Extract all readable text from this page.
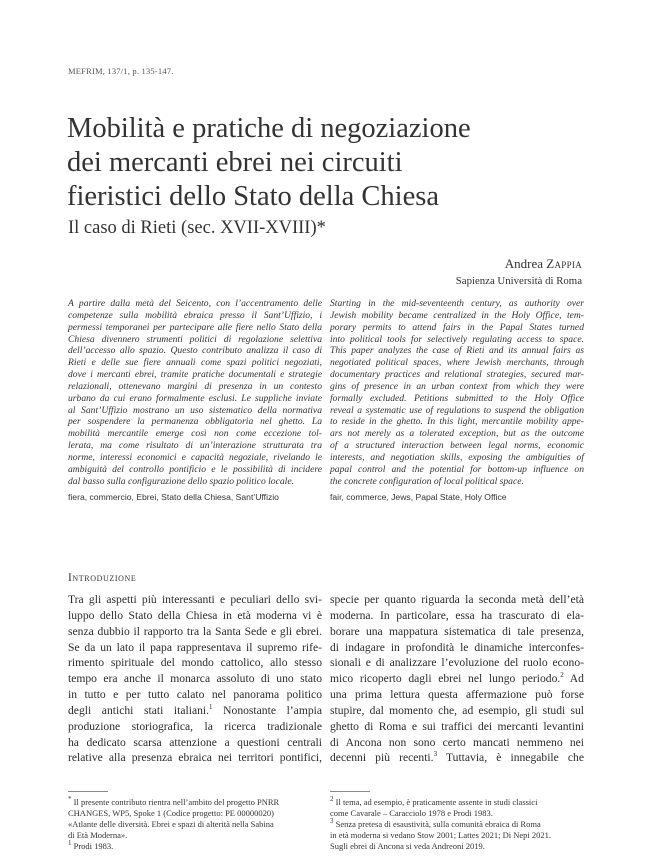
MEFRIM, 137/1, p. 135-147.
Mobilità e pratiche di negoziazione
dei mercanti ebrei nei circuiti
fieristici dello Stato della Chiesa
Il caso di Rieti (sec. XVII-XVIII)*
Andrea Zappia
Sapienza Università di Roma
A partire dalla metà del Seicento, con l’accentramento delle
competenze sulla mobilità ebraica presso il Sant’Uffizio, i
permessi temporanei per partecipare alle fiere nello Stato della
Chiesa divennero strumenti politici di regolazione selettiva
dell’accesso allo spazio. Questo contributo analizza il caso di
Rieti e delle sue fiere annuali come spazi politici negoziati,
dove i mercanti ebrei, tramite pratiche documentali e strategie
relazionali, ottenevano margini di presenza in un contesto
urbano da cui erano formalmente esclusi. Le suppliche inviate
al Sant’Uffizio mostrano un uso sistematico della normativa
per sospendere la permanenza obbligatoria nel ghetto. La
mobilità mercantile emerge così non come eccezione tol-
lerata, ma come risultato di un’interazione strutturata tra
norme, interessi economici e capacità negoziale, rivelando le
ambiguità del controllo pontificio e le possibilità di incidere
dal basso sulla configurazione dello spazio politico locale.
Starting in the mid-seventeenth century, as authority over
Jewish mobility became centralized in the Holy Office, tem-
porary permits to attend fairs in the Papal States turned
into political tools for selectively regulating access to space.
This paper analyzes the case of Rieti and its annual fairs as
negotiated political spaces, where Jewish merchants, through
documentary practices and relational strategies, secured mar-
gins of presence in an urban context from which they were
formally excluded. Petitions submitted to the Holy Office
reveal a systematic use of regulations to suspend the obligation
to reside in the ghetto. In this light, mercantile mobility appe-
ars not merely as a tolerated exception, but as the outcome
of a structured interaction between legal norms, economic
interests, and negotiation skills, exposing the ambiguities of
papal control and the potential for bottom-up influence on
the concrete configuration of local political space.
fiera, commercio, Ebrei, Stato della Chiesa, Sant’Uffizio	fair, commerce, Jews, Papal State, Holy Office
Introduzione
Tra gli aspetti più interessanti e peculiari dello svi-
luppo dello Stato della Chiesa in età moderna vi è
senza dubbio il rapporto tra la Santa Sede e gli ebrei.
Se da un lato il papa rappresentava il supremo rife-
rimento spirituale del mondo cattolico, allo stesso
tempo era anche il monarca assoluto di uno stato
in tutto e per tutto calato nel panorama politico
degli antichi stati italiani.$^1$ Nonostante l’ampia
produzione storiografica, la ricerca tradizionale
ha dedicato scarsa attenzione a questioni centrali
relative alla presenza ebraica nei territori pontifici,
specie per quanto riguarda la seconda metà dell’età
moderna. In particolare, essa ha trascurato di ela-
borare una mappatura sistematica di tale presenza,
di indagare in profondità le dinamiche interconfes-
sionali e di analizzare l’evoluzione del ruolo econo-
mico ricoperto dagli ebrei nel lungo periodo.$^2$ Ad
una prima lettura questa affermazione può forse
stupire, dal momento che, ad esempio, gli studi sul
ghetto di Roma e sui traffici dei mercanti levantini
di Ancona non sono certo mancati nemmeno nei
decenni più recenti.$^3$ Tuttavia, è innegabile che
* Il presente contributo rientra nell’ambito del progetto PNRR
CHANGES, WP5, Spoke 1 (Codice progetto: PE 00000020)
«Atlante delle diversità. Ebrei e spazi di alterità nella Sabina
di Età Moderna».
$^1$ Prodi 1983.
$^2$ Il tema, ad esempio, è praticamente assente in studi classici
come Cavarale – Caracciolo 1978 e Prodi 1983.
$^3$ Senza pretesa di esaustività, sulla comunità ebraica di Roma
in età moderna si vedano Stow 2001; Lattes 2021; Di Nepi 2021.
Sugli ebrei di Ancona si veda Andreoni 2019.
